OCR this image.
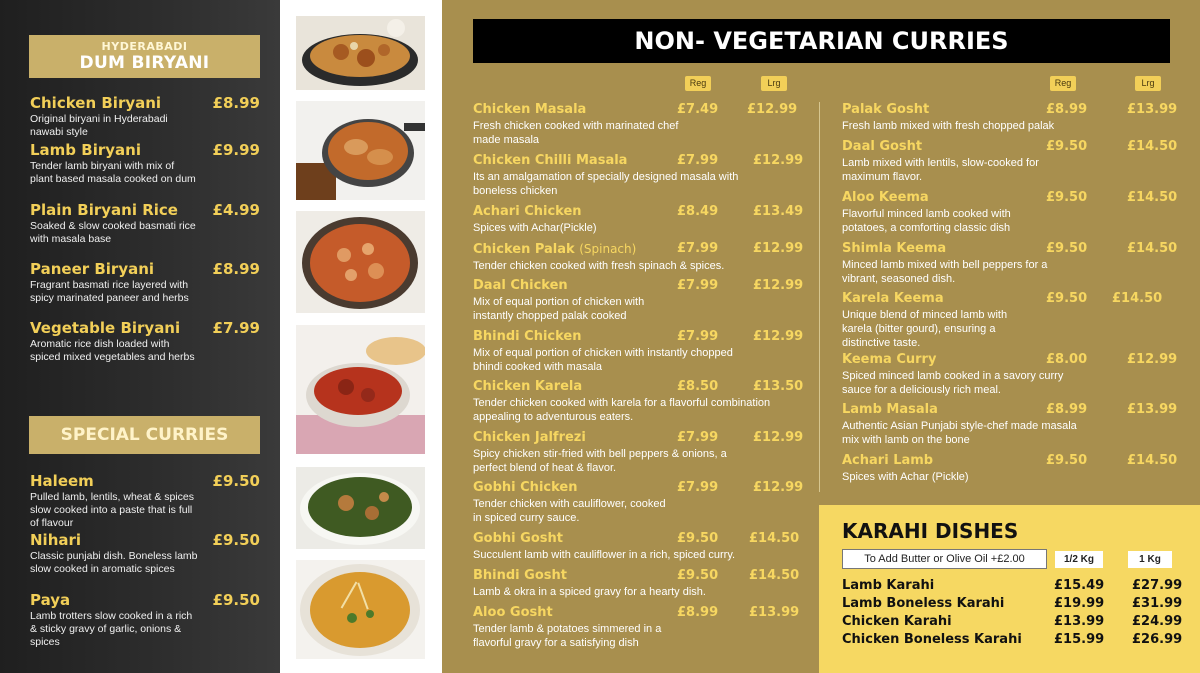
HYDERABADI
DUM BIRYANI
Chicken Biryani	£8.99
Original biryani in Hyderabadi nawabi style
Lamb Biryani	£9.99
Tender lamb biryani with mix of plant based masala cooked on dum
Plain Biryani Rice	£4.99
Soaked & slow cooked basmati rice with masala base
Paneer Biryani	£8.99
Fragrant basmati rice layered with spicy marinated paneer and herbs
Vegetable Biryani	£7.99
Aromatic rice dish loaded with spiced mixed vegetables and herbs
SPECIAL CURRIES
Haleem	£9.50
Pulled lamb, lentils, wheat & spices slow cooked into a paste that is full of flavour
Nihari	£9.50
Classic punjabi dish. Boneless lamb slow cooked in aromatic spices
Paya	£9.50
Lamb trotters slow cooked in a rich & sticky gravy of garlic, onions & spices
NON- VEGETARIAN CURRIES
Reg	Lrg	Reg	Lrg
Chicken Masala	£7.49 £12.99
Fresh chicken cooked with marinated chef made masala
Chicken Chilli Masala	£7.99	£12.99
Its an amalgamation of specially designed masala with boneless chicken
Achari Chicken	£8.49	£13.49
Spices with Achar(Pickle)
Chicken Palak (Spinach)	£7.99	£12.99
Tender chicken cooked with fresh spinach & spices.
Daal Chicken	£7.99	£12.99
Mix of equal portion of chicken with instantly chopped palak cooked
Bhindi Chicken	£7.99	£12.99
Mix of equal portion of chicken with instantly chopped bhindi cooked with masala
Chicken Karela	£8.50	£13.50
Tender chicken cooked with karela for a flavorful combination appealing to adventurous eaters.
Chicken Jalfrezi	£7.99	£12.99
Spicy chicken stir-fried with bell peppers & onions, a perfect blend of heat & flavor.
Gobhi Chicken	£7.99	£12.99
Tender chicken with cauliflower, cooked in spiced curry sauce.
Gobhi Gosht	£9.50 £14.50
Succulent lamb with cauliflower in a rich, spiced curry.
Bhindi Gosht	£9.50 £14.50
Lamb & okra in a spiced gravy for a hearty dish.
Aloo Gosht	£8.99 £13.99
Tender lamb & potatoes simmered in a flavorful gravy for a satisfying dish
Palak Gosht	£8.99	£13.99
Fresh lamb mixed with fresh chopped palak
Daal Gosht	£9.50	£14.50
Lamb mixed with lentils, slow-cooked for maximum flavor.
Aloo Keema	£9.50	£14.50
Flavorful minced lamb cooked with potatoes, a comforting classic dish
Shimla Keema	£9.50	£14.50
Minced lamb mixed with bell peppers for a vibrant, seasoned dish.
Karela Keema	£9.50 £14.50
Unique blend of minced lamb with karela (bitter gourd), ensuring a distinctive taste.
Keema Curry	£8.00	£12.99
Spiced minced lamb cooked in a savory curry sauce for a deliciously rich meal.
Lamb Masala	£8.99	£13.99
Authentic Asian Punjabi style-chef made masala mix with lamb on the bone
Achari Lamb	£9.50	£14.50
Spices with Achar (Pickle)
KARAHI DISHES
To Add Butter or Olive Oil +£2.00	1/2 Kg	1 Kg
Lamb Karahi	£15.49 £27.99
Lamb Boneless Karahi	£19.99 £31.99
Chicken Karahi	£13.99 £24.99
Chicken Boneless Karahi £15.99 £26.99
